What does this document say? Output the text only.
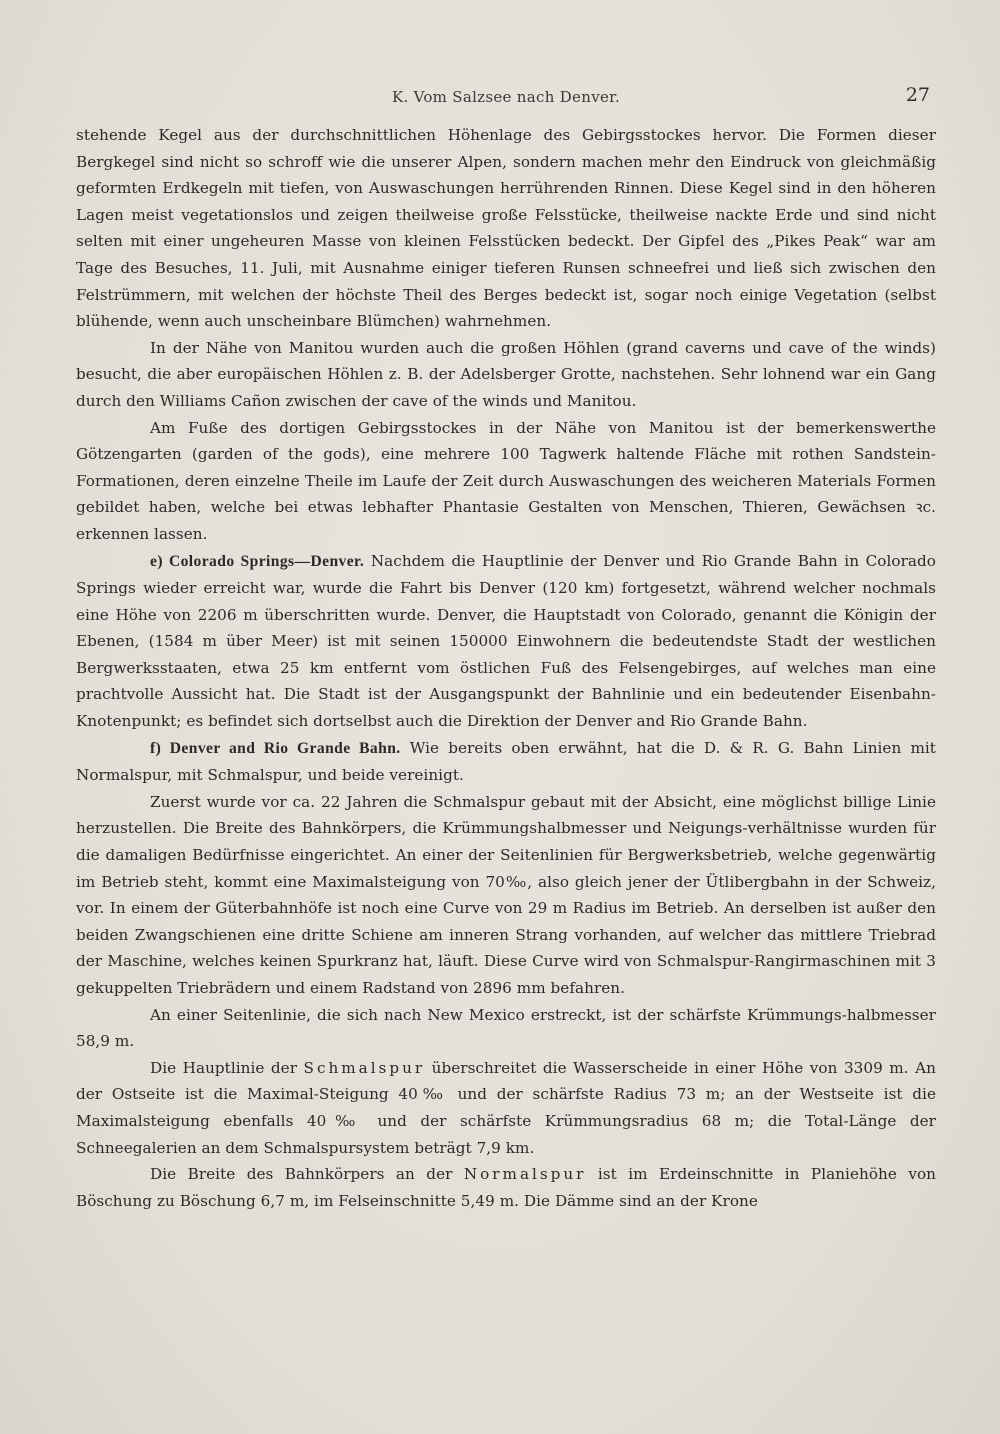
K. Vom Salzsee nach Denver.	27

stehende Kegel aus der durchschnittlichen Höhenlage des Gebirgsstockes hervor. Die Formen dieser Bergkegel sind nicht so schroff wie die unserer Alpen, sondern machen mehr den Eindruck von gleichmäßig geformten Erdkegeln mit tiefen, von Auswaschungen herrührenden Rinnen. Diese Kegel sind in den höheren Lagen meist vegetationslos und zeigen theilweise große Felsstücke, theilweise nackte Erde und sind nicht selten mit einer ungeheuren Masse von kleinen Felsstücken bedeckt. Der Gipfel des „Pikes Peak“ war am Tage des Besuches, 11. Juli, mit Ausnahme einiger tieferen Runsen schneefrei und ließ sich zwischen den Felstrümmern, mit welchen der höchste Theil des Berges bedeckt ist, sogar noch einige Vegetation (selbst blühende, wenn auch unscheinbare Blümchen) wahrnehmen.

In der Nähe von Manitou wurden auch die großen Höhlen (grand caverns und cave of the winds) besucht, die aber europäischen Höhlen z. B. der Adelsberger Grotte, nachstehen. Sehr lohnend war ein Gang durch den Williams Cañon zwischen der cave of the winds und Manitou.

Am Fuße des dortigen Gebirgsstockes in der Nähe von Manitou ist der bemerkenswerthe Götzengarten (garden of the gods), eine mehrere 100 Tagwerk haltende Fläche mit rothen Sandstein-Formationen, deren einzelne Theile im Laufe der Zeit durch Auswaschungen des weicheren Materials Formen gebildet haben, welche bei etwas lebhafter Phantasie Gestalten von Menschen, Thieren, Gewächsen ꝛc. erkennen lassen.

e) Colorado Springs—Denver. Nachdem die Hauptlinie der Denver und Rio Grande Bahn in Colorado Springs wieder erreicht war, wurde die Fahrt bis Denver (120 km) fortgesetzt, während welcher nochmals eine Höhe von 2206 m überschritten wurde. Denver, die Hauptstadt von Colorado, genannt die Königin der Ebenen, (1584 m über Meer) ist mit seinen 150000 Einwohnern die bedeutendste Stadt der westlichen Bergwerksstaaten, etwa 25 km entfernt vom östlichen Fuß des Felsengebirges, auf welches man eine prachtvolle Aussicht hat. Die Stadt ist der Ausgangspunkt der Bahnlinie und ein bedeutender Eisenbahn-Knotenpunkt; es befindet sich dortselbst auch die Direktion der Denver and Rio Grande Bahn.

f) Denver and Rio Grande Bahn. Wie bereits oben erwähnt, hat die D. & R. G. Bahn Linien mit Normalspur, mit Schmalspur, und beide vereinigt.

Zuerst wurde vor ca. 22 Jahren die Schmalspur gebaut mit der Absicht, eine möglichst billige Linie herzustellen. Die Breite des Bahnkörpers, die Krümmungshalbmesser und Neigungs-verhältnisse wurden für die damaligen Bedürfnisse eingerichtet. An einer der Seitenlinien für Bergwerksbetrieb, welche gegenwärtig im Betrieb steht, kommt eine Maximalsteigung von 70‰, also gleich jener der Ütlibergbahn in der Schweiz, vor. In einem der Güterbahnhöfe ist noch eine Curve von 29 m Radius im Betrieb. An derselben ist außer den beiden Zwangschienen eine dritte Schiene am inneren Strang vorhanden, auf welcher das mittlere Triebrad der Maschine, welches keinen Spurkranz hat, läuft. Diese Curve wird von Schmalspur-Rangirmaschinen mit 3 gekuppelten Triebrädern und einem Radstand von 2896 mm befahren.

An einer Seitenlinie, die sich nach New Mexico erstreckt, ist der schärfste Krümmungs-halbmesser 58,9 m.

Die Hauptlinie der Schmalspur überschreitet die Wasserscheide in einer Höhe von 3309 m. An der Ostseite ist die Maximal-Steigung 40‰ und der schärfste Radius 73 m; an der Westseite ist die Maximalsteigung ebenfalls 40‰ und der schärfste Krümmungsradius 68 m; die Total-Länge der Schneegalerien an dem Schmalspursystem beträgt 7,9 km.

Die Breite des Bahnkörpers an der Normalspur ist im Erdeinschnitte in Planiehöhe von Böschung zu Böschung 6,7 m, im Felseinschnitte 5,49 m. Die Dämme sind an der Krone
